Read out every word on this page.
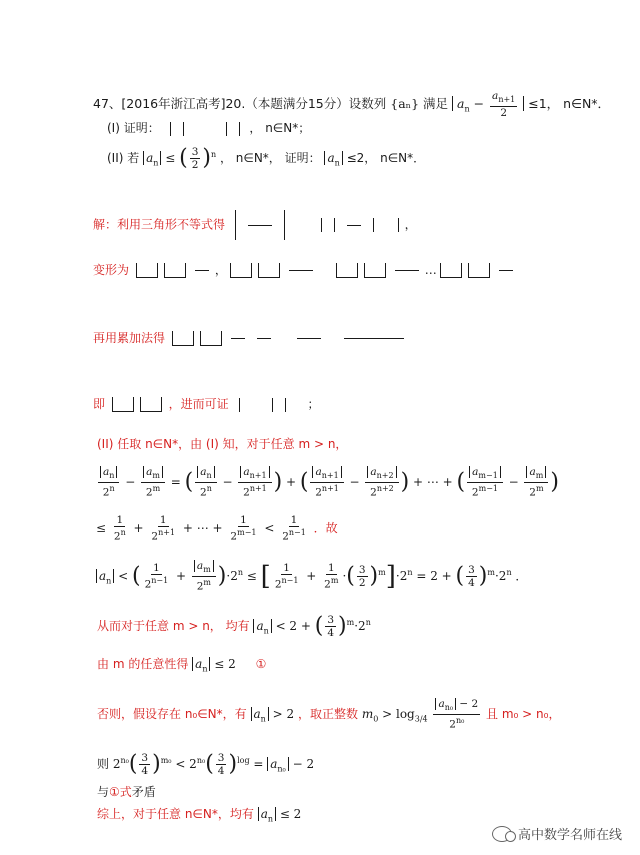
47、[2016年浙江高考]20.（本题满分15分）设数列 {aₙ} 满足 $a_n - \frac{a_{n+1}}{2} \le 1$， n∈N*．
(I) 证明：	， n∈N*；
(II) 若 $a_n$ ≤ ( $\frac{3}{2} )^n$ ， n∈N*， 证明： $a_n \le 2$， n∈N*．
解：利用三角形不等式得	，
变形为	，	…
再用累加法得
即	，进而可证	；
(II) 任取 n∈N*，由 (I) 知，对于任意 m > n，
$\frac{a_n}{2^n} - \frac{a_m}{2^m}$ = ( $\frac{a_n}{2^n} - \frac{a_{n+1}}{2^{n+1}}$ ) + ( $\frac{a_{n+1}}{2^{n+1}} - \frac{a_{n+2}}{2^{n+2}}$ ) + ⋯ + ( $\frac{a_{m-1}}{2^{m-1}} - \frac{a_m}{2^m}$ )
≤ $\frac{1}{2^n} + \frac{1}{2^{n+1}}$ + ⋯ + $\frac{1}{2^{m-1}} < \frac{1}{2^{n-1}}$ ．故
$a_n$ < ( $\frac{1}{2^{n-1}} + \frac{a_m}{2^m} )\cdot 2^n$ ≤ [ $\frac{1}{2^{n-1}} + \frac{1}{2^m}$ ·( $\frac{3}{2} )^m]\cdot 2^n = 2$ + ( $\frac{3}{4} )^m\cdot 2^n$ ．
从而对于任意 m > n， 均有 $a_n < 2$ + ( $\frac{3}{4} )^m\cdot 2^n$
由 m 的任意性得 $a_n \le 2$ ①
否则，假设存在 n₀∈N*，有 $a_n > 2$ ，取正整数 $m_0 > \log_{3/4} \frac{a_{n_0} - 2}{2^{n_0}}$ 且 m₀ > n₀，
则 $2^{n_0}( \frac{3}{4} )^{m_0} < 2^{n_0}( \frac{3}{4} )^{log} = a_{n_0} - 2$
与①式矛盾
综上，对于任意 n∈N*，均有 $a_n \le 2$
高中数学名师在线
